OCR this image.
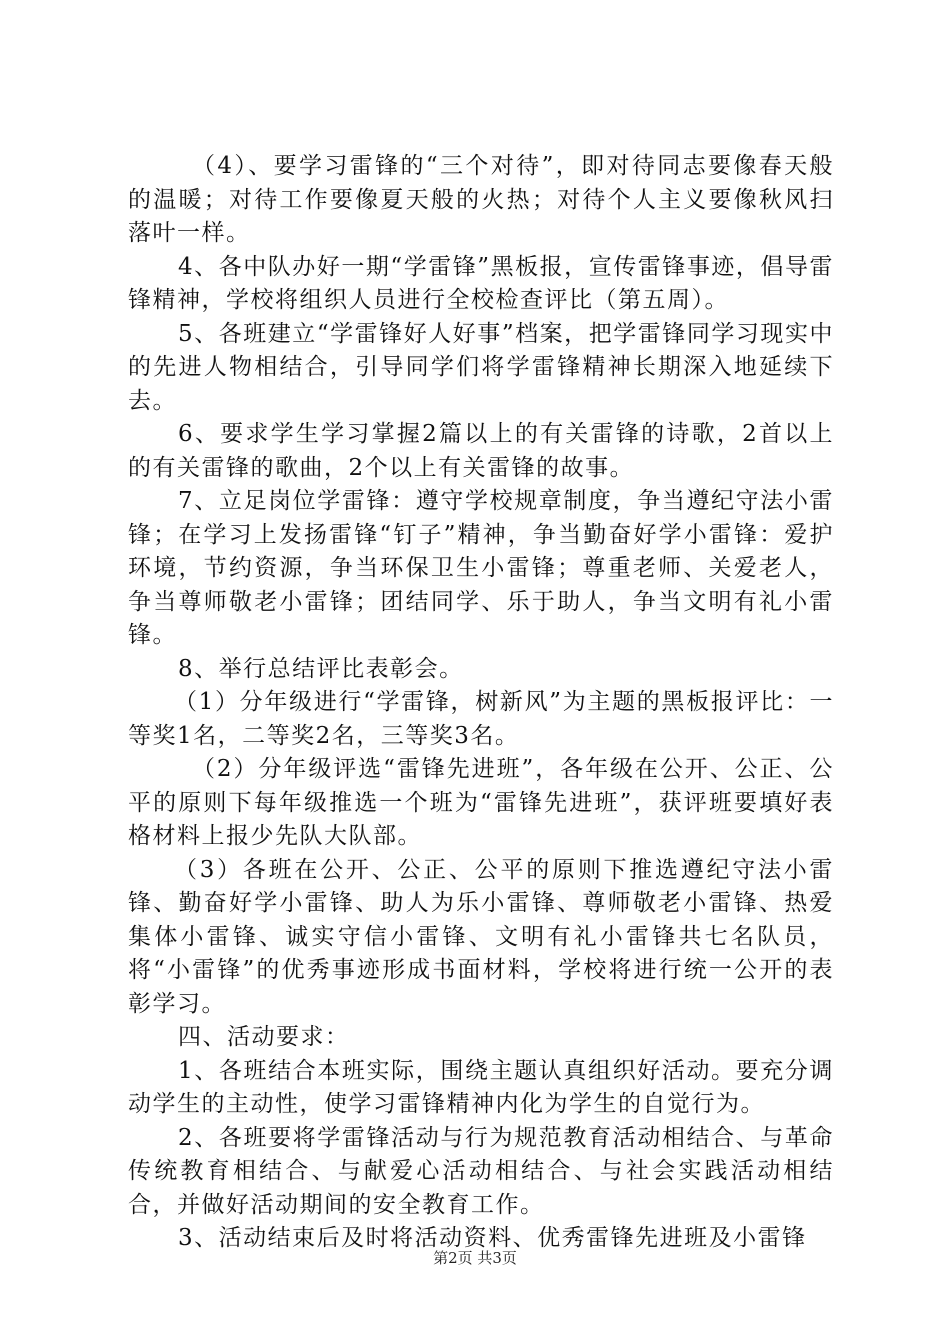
（4）、要学习雷锋的“三个对待”，即对待同志要像春天般的温暖；对待工作要像夏天般的火热；对待个人主义要像秋风扫落叶一样。

4、各中队办好一期“学雷锋”黑板报，宣传雷锋事迹，倡导雷锋精神，学校将组织人员进行全校检查评比（第五周）。

5、各班建立“学雷锋好人好事”档案，把学雷锋同学习现实中的先进人物相结合，引导同学们将学雷锋精神长期深入地延续下去。

6、要求学生学习掌握2篇以上的有关雷锋的诗歌，2首以上的有关雷锋的歌曲，2个以上有关雷锋的故事。

7、立足岗位学雷锋：遵守学校规章制度，争当遵纪守法小雷锋；在学习上发扬雷锋“钉子”精神，争当勤奋好学小雷锋：爱护环境，节约资源，争当环保卫生小雷锋；尊重老师、关爱老人，争当尊师敬老小雷锋；团结同学、乐于助人，争当文明有礼小雷锋。

8、举行总结评比表彰会。

（1）分年级进行“学雷锋，树新风”为主题的黑板报评比：一等奖1名，二等奖2名，三等奖3名。

（2）分年级评选“雷锋先进班”，各年级在公开、公正、公平的原则下每年级推选一个班为“雷锋先进班”，获评班要填好表格材料上报少先队大队部。

（3）各班在公开、公正、公平的原则下推选遵纪守法小雷锋、勤奋好学小雷锋、助人为乐小雷锋、尊师敬老小雷锋、热爱集体小雷锋、诚实守信小雷锋、文明有礼小雷锋共七名队员，将“小雷锋”的优秀事迹形成书面材料，学校将进行统一公开的表彰学习。

四、活动要求：

1、各班结合本班实际，围绕主题认真组织好活动。要充分调动学生的主动性，使学习雷锋精神内化为学生的自觉行为。

2、各班要将学雷锋活动与行为规范教育活动相结合、与革命传统教育相结合、与献爱心活动相结合、与社会实践活动相结合，并做好活动期间的安全教育工作。

3、活动结束后及时将活动资料、优秀雷锋先进班及小雷锋

第2页 共3页
